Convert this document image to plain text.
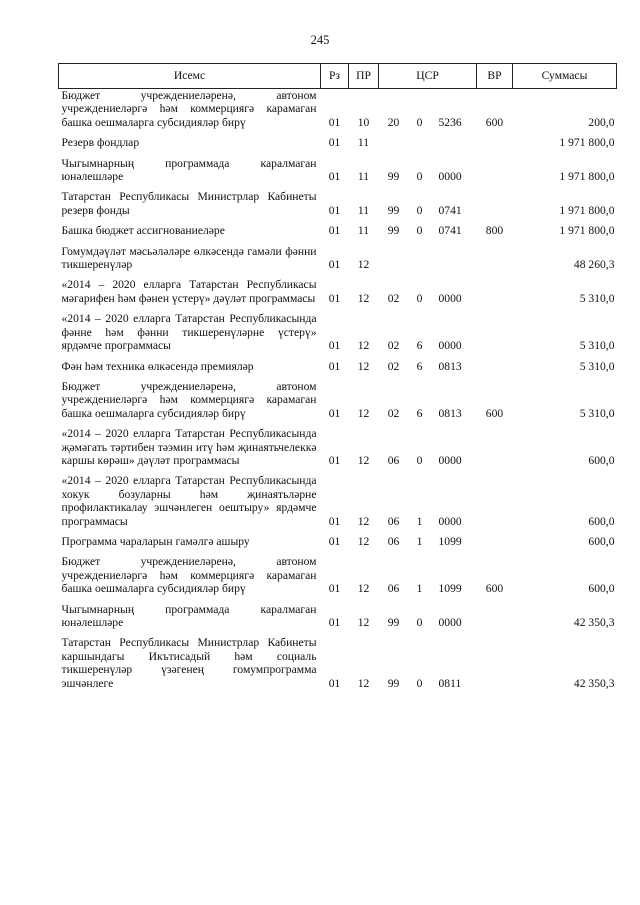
245
Исемс	Рз	ПР	ЦСР			ВР	Суммасы
Бюджет учреждениеләренә, автоном учреждениеләргә һәм коммерциягә карамаган башка оешмаларга субсидияләр бирү	01	10	20	0	5236	600	200,0
Резерв фондлар	01	11					1 971 800,0
Чыгымнарның программада каралмаган юнәлешләре	01	11	99	0	0000		1 971 800,0
Татарстан Республикасы Министрлар Кабинеты резерв фонды	01	11	99	0	0741		1 971 800,0
Башка бюджет ассигнованиеләре	01	11	99	0	0741	800	1 971 800,0
Гомумдәүләт мәсьәләләре өлкәсендә гамәли фәнни тикшеренүләр	01	12					48 260,3
«2014 – 2020 елларга Татарстан Республикасы мәгарифен һәм фәнен үстерү» дәүләт программасы	01	12	02	0	0000		5 310,0
«2014 – 2020 елларга Татарстан Республикасында фәнне һәм фәнни тикшеренүләрне үстерү» ярдәмче программасы	01	12	02	6	0000		5 310,0
Фән һәм техника өлкәсендә премияләр	01	12	02	6	0813		5 310,0
Бюджет учреждениеләренә, автоном учреждениеләргә һәм коммерциягә карамаган башка оешмаларга субсидияләр бирү	01	12	02	6	0813	600	5 310,0
«2014 – 2020 елларга Татарстан Республикасында җәмәгать тәртибен тәэмин итү һәм җинаятьчелеккә каршы көрәш» дәүләт программасы	01	12	06	0	0000		600,0
«2014 – 2020 елларга Татарстан Республикасында хокук бозуларны һәм җинаятьләрне профилактикалау эшчәнлеген оештыру» ярдәмче программасы	01	12	06	1	0000		600,0
Программа чараларын гамәлгә ашыру	01	12	06	1	1099		600,0
Бюджет учреждениеләренә, автоном учреждениеләргә һәм коммерциягә карамаган башка оешмаларга субсидияләр бирү	01	12	06	1	1099	600	600,0
Чыгымнарның программада каралмаган юнәлешләре	01	12	99	0	0000		42 350,3
Татарстан Республикасы Министрлар Кабинеты каршындагы Икътисадый һәм социаль тикшеренүләр үзәгенең гомумпрограмма эшчәнлеге	01	12	99	0	0811		42 350,3
